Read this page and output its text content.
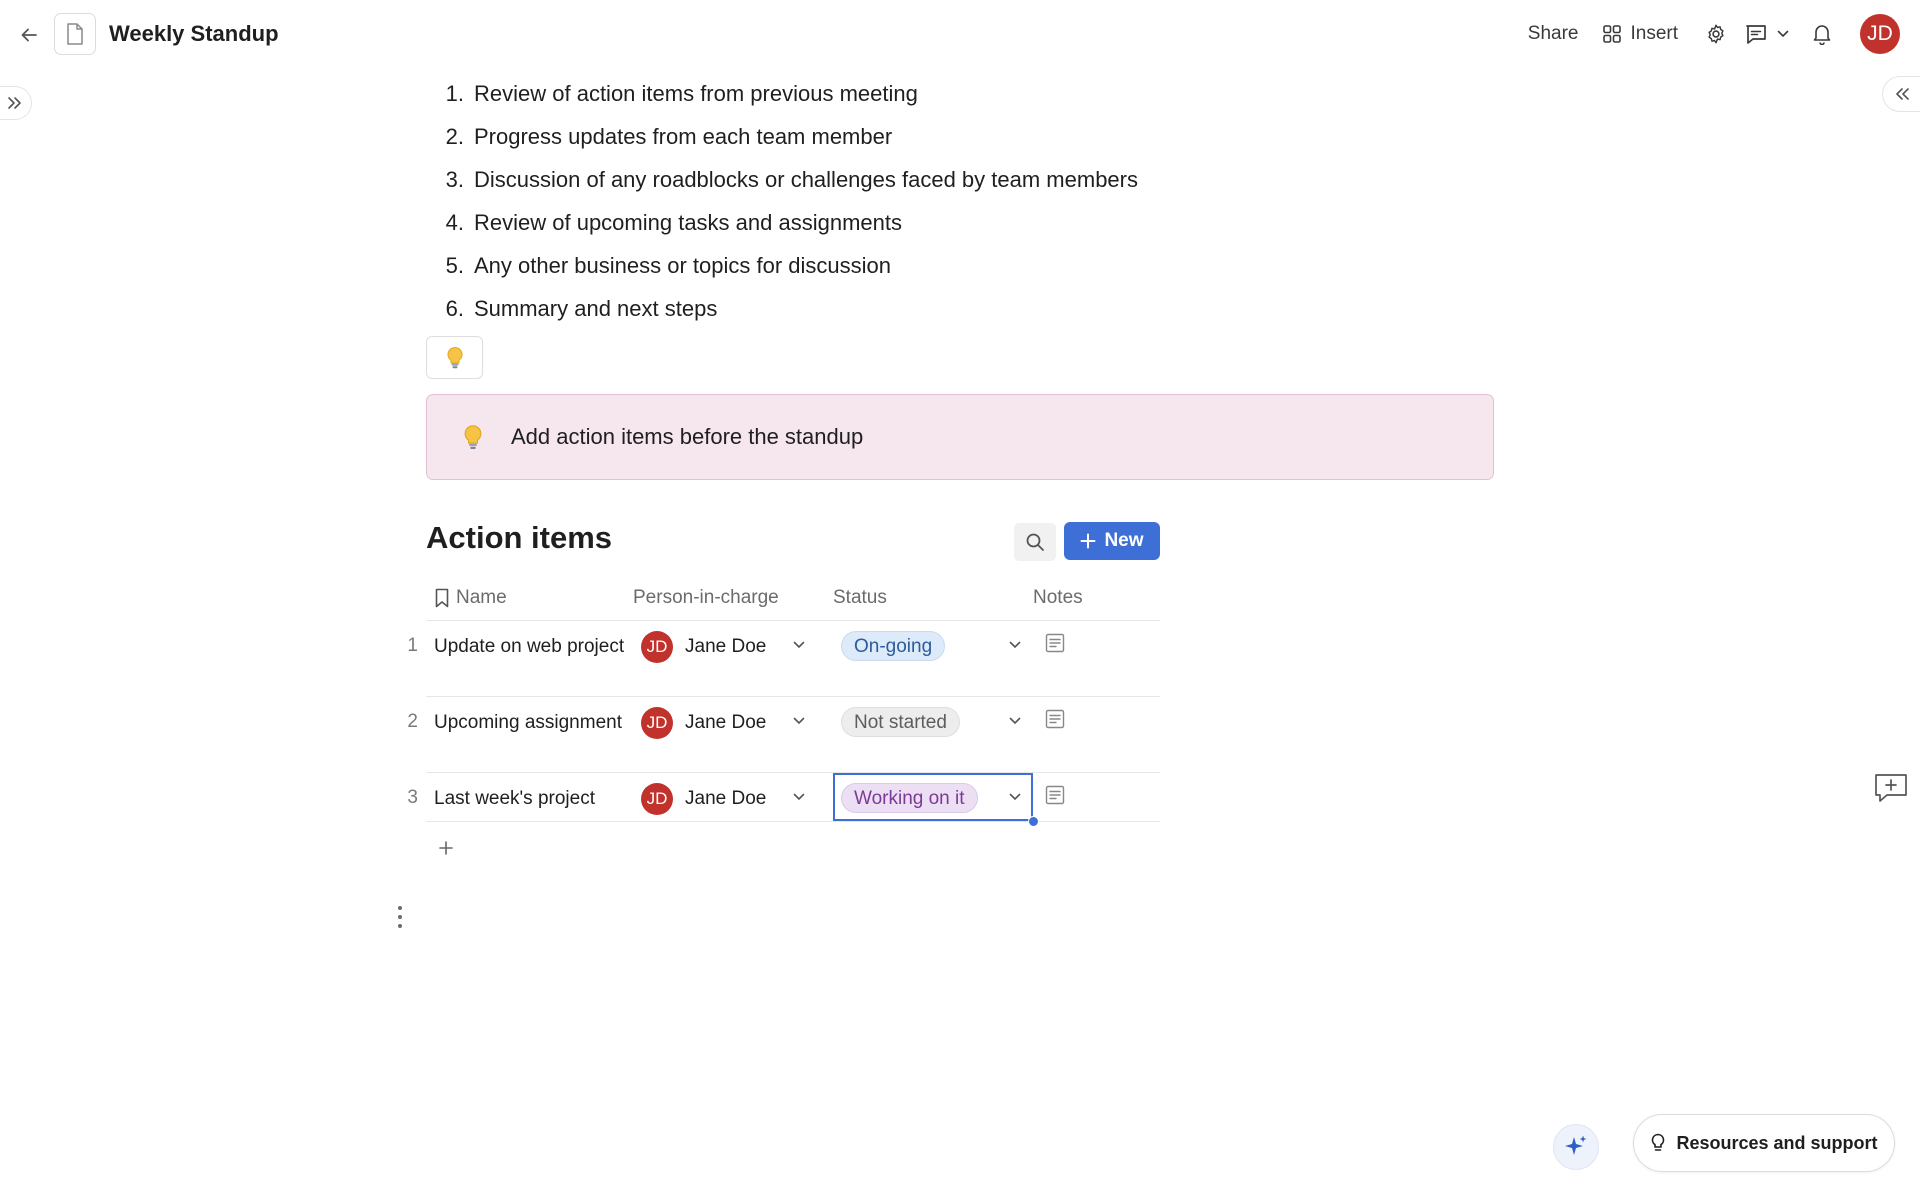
Weekly Standup	Share	Insert	JD
1. Review of action items from previous meeting
2. Progress updates from each team member
3. Discussion of any roadblocks or challenges faced by team members
4. Review of upcoming tasks and assignments
5. Any other business or topics for discussion
6. Summary and next steps
Add action items before the standup
Action items	New
Name	Person-in-charge	Status	Notes
1 Update on web project	JD Jane Doe	On-going
2 Upcoming assignment	JD Jane Doe	Not started
3 Last week's project	JD Jane Doe	Working on it
Resources and support
